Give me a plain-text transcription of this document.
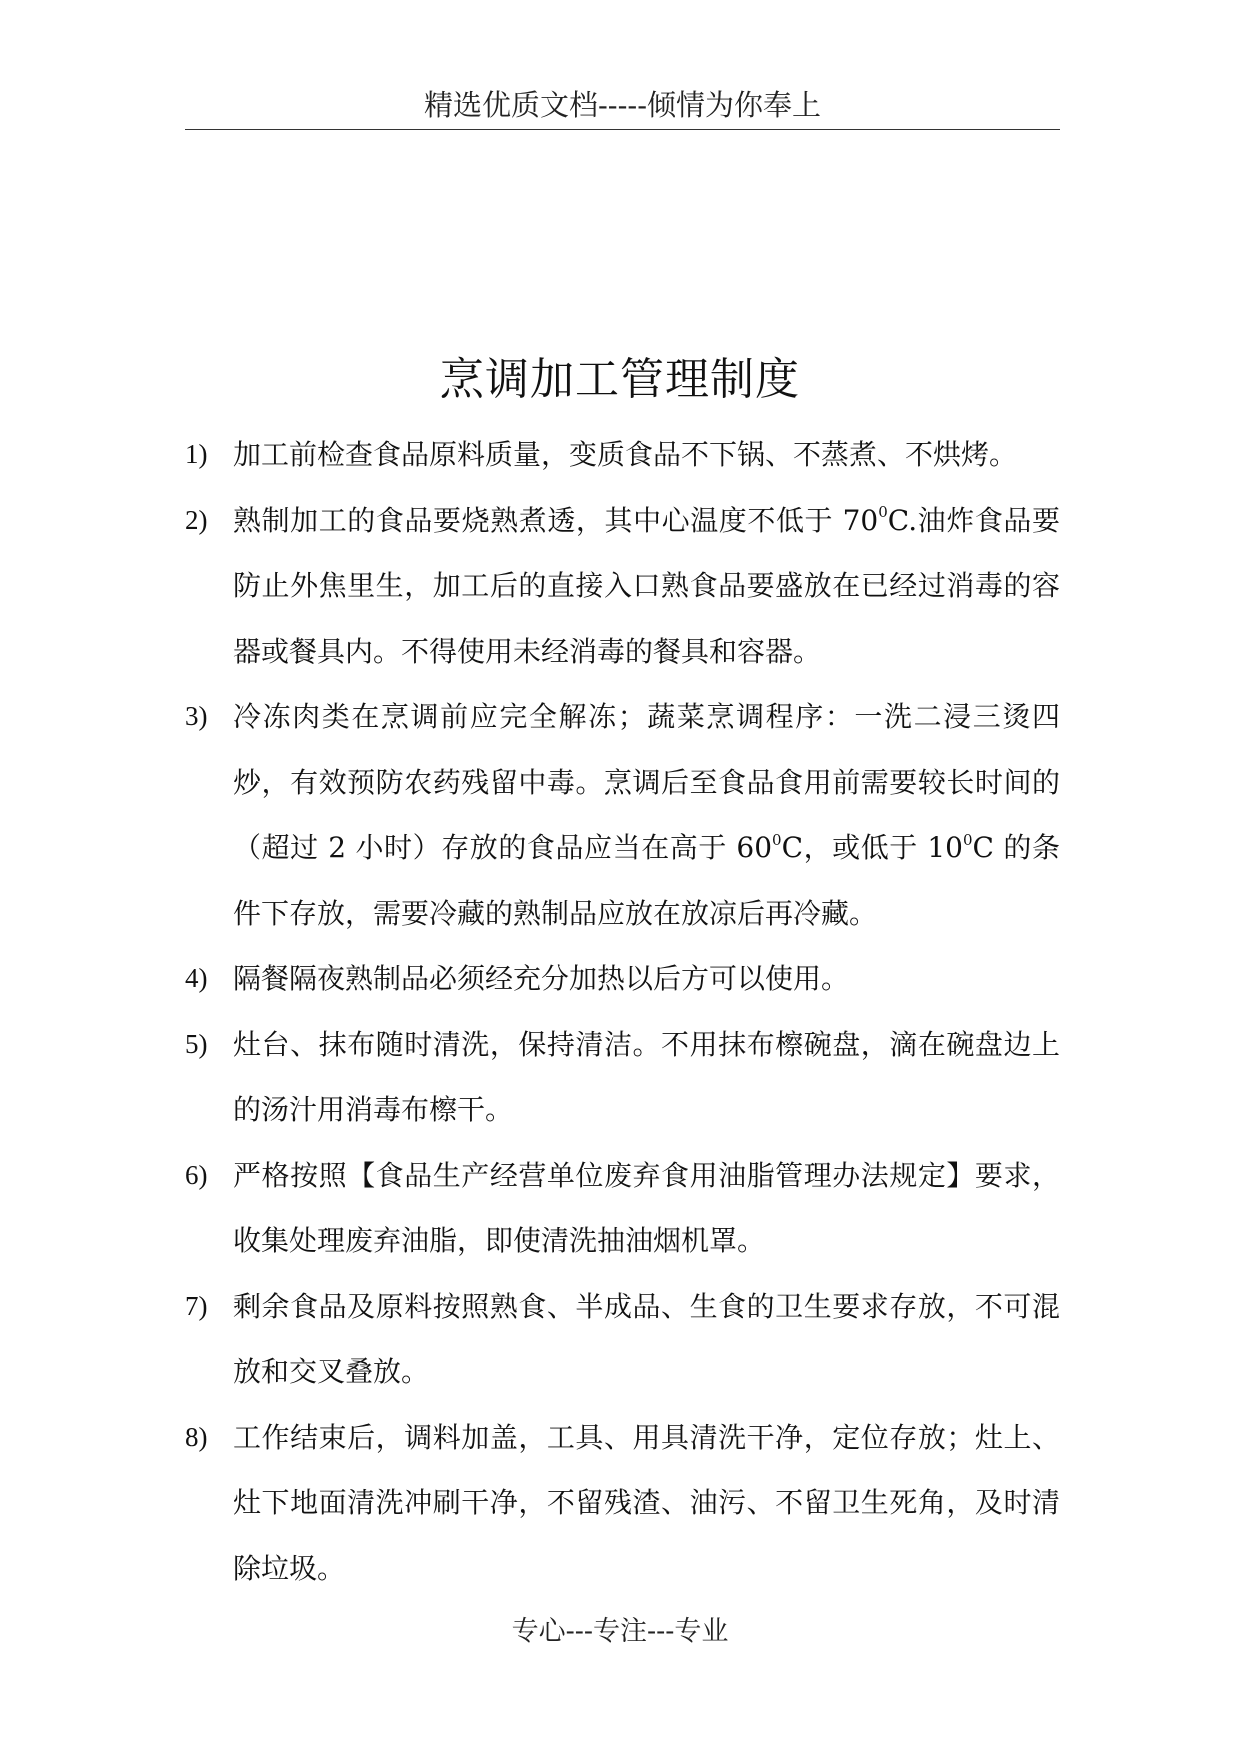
精选优质文档-----倾情为你奉上
烹调加工管理制度
1) 加工前检查食品原料质量，变质食品不下锅、不蒸煮、不烘烤。
2) 熟制加工的食品要烧熟煮透，其中心温度不低于 $70^0C$.油炸食品要防止外焦里生，加工后的直接入口熟食品要盛放在已经过消毒的容器或餐具内。不得使用未经消毒的餐具和容器。
3) 冷冻肉类在烹调前应完全解冻；蔬菜烹调程序：一洗二浸三烫四炒，有效预防农药残留中毒。烹调后至食品食用前需要较长时间的（超过 2 小时）存放的食品应当在高于 $60^0C$，或低于 $10^0C$ 的条件下存放，需要冷藏的熟制品应放在放凉后再冷藏。
4) 隔餐隔夜熟制品必须经充分加热以后方可以使用。
5) 灶台、抹布随时清洗，保持清洁。不用抹布檫碗盘，滴在碗盘边上的汤汁用消毒布檫干。
6) 严格按照【食品生产经营单位废弃食用油脂管理办法规定】要求，收集处理废弃油脂，即使清洗抽油烟机罩。
7) 剩余食品及原料按照熟食、半成品、生食的卫生要求存放，不可混放和交叉叠放。
8) 工作结束后，调料加盖，工具、用具清洗干净，定位存放；灶上、灶下地面清洗冲刷干净，不留残渣、油污、不留卫生死角，及时清除垃圾。
专心---专注---专业
